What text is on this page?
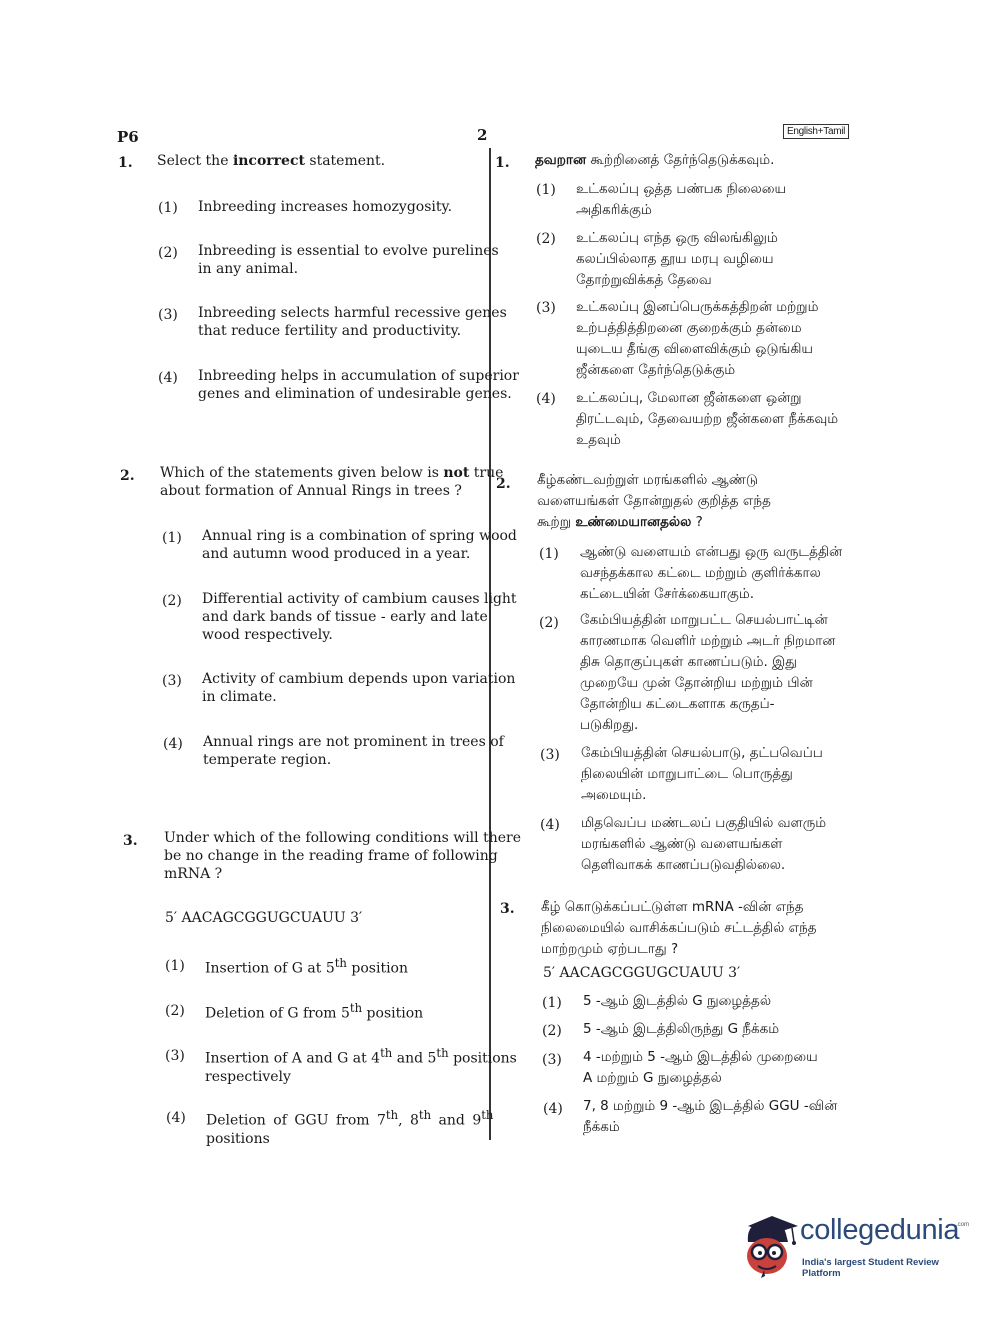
P6	2	English+Tamil
1. Select the incorrect statement.
(1) Inbreeding increases homozygosity.
(2) Inbreeding is essential to evolve purelines
in any animal.
(3) Inbreeding selects harmful recessive genes
that reduce fertility and productivity.
(4) Inbreeding helps in accumulation of superior
genes and elimination of undesirable genes.
2. Which of the statements given below is not true
about formation of Annual Rings in trees ?
(1) Annual ring is a combination of spring wood
and autumn wood produced in a year.
(2) Differential activity of cambium causes light
and dark bands of tissue - early and late
wood respectively.
(3) Activity of cambium depends upon variation
in climate.
(4) Annual rings are not prominent in trees of
temperate region.
3. Under which of the following conditions will there
be no change in the reading frame of following
mRNA ?
5′ AACAGCGGUGCUAUU 3′
(1) Insertion of G at 5th position
(2) Deletion of G from 5th position
(3) Insertion of A and G at 4th and 5th positions
respectively
(4) Deletion of GGU from 7th, 8th and 9th
positions
1. தவறான கூற்றினைத் தேர்ந்தெடுக்கவும்.
(1) உட்கலப்பு ஒத்த பண்பக நிலையை
அதிகரிக்கும்
(2) உட்கலப்பு எந்த ஒரு விலங்கிலும்
கலப்பில்லாத தூய மரபு வழியை
தோற்றுவிக்கத் தேவை
(3) உட்கலப்பு இனப்பெருக்கத்திறன் மற்றும்
உற்பத்தித்திறனை குறைக்கும் தன்மை
யுடைய தீங்கு விளைவிக்கும் ஒடுங்கிய
ஜீன்களை தேர்ந்தெடுக்கும்
(4) உட்கலப்பு, மேலான ஜீன்களை ஒன்று
திரட்டவும், தேவையற்ற ஜீன்களை நீக்கவும்
உதவும்
2. கீழ்கண்டவற்றுள் மரங்களில் ஆண்டு
வளையங்கள் தோன்றுதல் குறித்த எந்த
கூற்று உண்மையானதல்ல ?
(1) ஆண்டு வளையம் என்பது ஒரு வருடத்தின்
வசந்தக்கால கட்டை மற்றும் குளிர்க்கால
கட்டையின் சேர்க்கையாகும்.
(2) கேம்பியத்தின் மாறுபட்ட செயல்பாட்டின்
காரணமாக வெளிர் மற்றும் அடர் நிறமான
திசு தொகுப்புகள் காணப்படும். இது
முறையே முன் தோன்றிய மற்றும் பின்
தோன்றிய கட்டைகளாக கருதப்-
படுகிறது.
(3) கேம்பியத்தின் செயல்பாடு, தட்பவெப்ப
நிலையின் மாறுபாட்டை பொருத்து
அமையும்.
(4) மிதவெப்ப மண்டலப் பகுதியில் வளரும்
மரங்களில் ஆண்டு வளையங்கள்
தெளிவாகக் காணப்படுவதில்லை.
3. கீழ் கொடுக்கப்பட்டுள்ள mRNA -வின் எந்த
நிலைமையில் வாசிக்கப்படும் சட்டத்தில் எந்த
மாற்றமும் ஏற்படாது ?
5′ AACAGCGGUGCUAUU 3′
(1) 5 -ஆம் இடத்தில் G நுழைத்தல்
(2) 5 -ஆம் இடத்திலிருந்து G நீக்கம்
(3) 4 -மற்றும் 5 -ஆம் இடத்தில் முறையை
A மற்றும் G நுழைத்தல்
(4) 7, 8 மற்றும் 9 -ஆம் இடத்தில் GGU -வின்
நீக்கம்
collegedunia
.com
India's largest Student Review Platform
